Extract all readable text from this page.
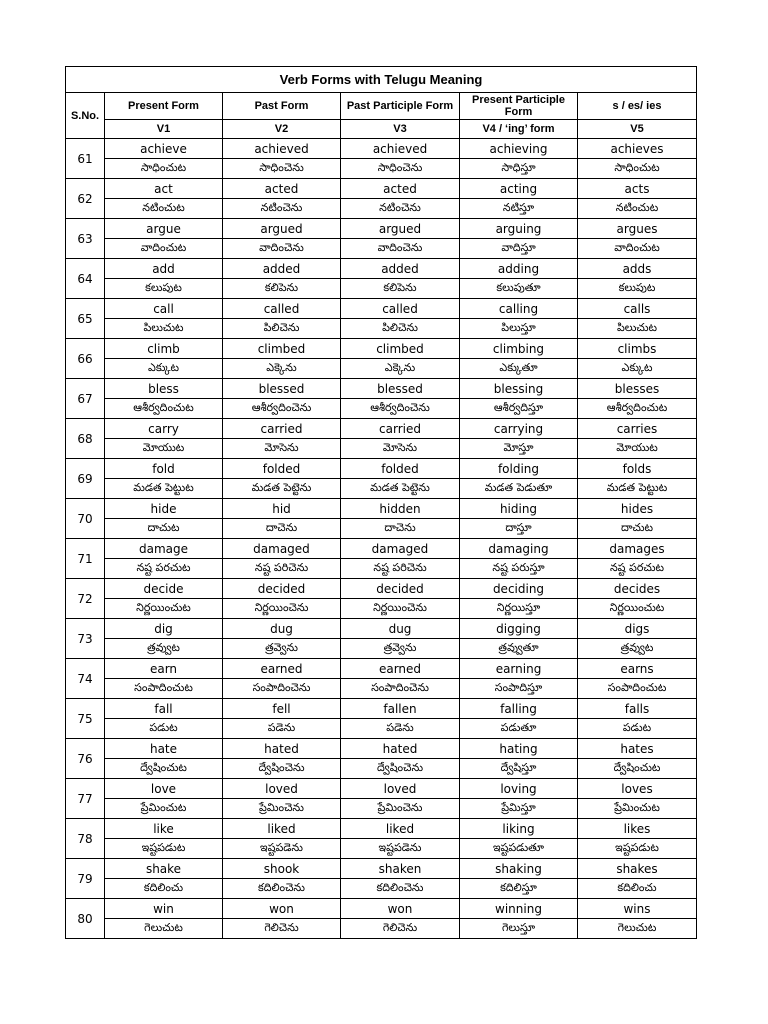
Verb Forms with Telugu Meaning					
S.No.	Present Form	Past Form	Past Participle Form	Present Participle Form	s / es/ ies
	V1	V2	V3	V4 / ‘ing’ form	V5
61	achieve	achieved	achieved	achieving	achieves
	సాధించుట	సాధించెను	సాధించెను	సాధిస్తూ	సాధించుట
62	act	acted	acted	acting	acts
	నటించుట	నటించెను	నటించెను	నటిస్తూ	నటించుట
63	argue	argued	argued	arguing	argues
	వాదించుట	వాదించెను	వాదించెను	వాదిస్తూ	వాదించుట
64	add	added	added	adding	adds
	కలుపుట	కలిపెను	కలిపెను	కలుపుతూ	కలుపుట
65	call	called	called	calling	calls
	పిలుచుట	పిలిచెను	పిలిచెను	పిలుస్తూ	పిలుచుట
66	climb	climbed	climbed	climbing	climbs
	ఎక్కుట	ఎక్కెను	ఎక్కెను	ఎక్కుతూ	ఎక్కుట
67	bless	blessed	blessed	blessing	blesses
	ఆశీర్వదించుట	ఆశీర్వదించెను	ఆశీర్వదించెను	ఆశీర్వదిస్తూ	ఆశీర్వదించుట
68	carry	carried	carried	carrying	carries
	మోయుట	మోసెను	మోసెను	మోస్తూ	మోయుట
69	fold	folded	folded	folding	folds
	మడత పెట్టుట	మడత పెట్టెను	మడత పెట్టెను	మడత పెడుతూ	మడత పెట్టుట
70	hide	hid	hidden	hiding	hides
	దాచుట	దాచెను	దాచెను	దాస్తూ	దాచుట
71	damage	damaged	damaged	damaging	damages
	నష్ట పరచుట	నష్ట పరిచెను	నష్ట పరిచెను	నష్ట పరుస్తూ	నష్ట పరచుట
72	decide	decided	decided	deciding	decides
	నిర్ణయించుట	నిర్ణయించెను	నిర్ణయించెను	నిర్ణయిస్తూ	నిర్ణయించుట
73	dig	dug	dug	digging	digs
	త్రవ్వుట	త్రవ్వెను	త్రవ్వెను	త్రవ్వుతూ	త్రవ్వుట
74	earn	earned	earned	earning	earns
	సంపాదించుట	సంపాదించెను	సంపాదించెను	సంపాదిస్తూ	సంపాదించుట
75	fall	fell	fallen	falling	falls
	పడుట	పడెను	పడెను	పడుతూ	పడుట
76	hate	hated	hated	hating	hates
	ద్వేషించుట	ద్వేషించెను	ద్వేషించెను	ద్వేషిస్తూ	ద్వేషించుట
77	love	loved	loved	loving	loves
	ప్రేమించుట	ప్రేమించెను	ప్రేమించెను	ప్రేమిస్తూ	ప్రేమించుట
78	like	liked	liked	liking	likes
	ఇష్టపడుట	ఇష్టపడెను	ఇష్టపడెను	ఇష్టపడుతూ	ఇష్టపడుట
79	shake	shook	shaken	shaking	shakes
	కదిలించు	కదిలించెను	కదిలించెను	కదిలిస్తూ	కదిలించు
80	win	won	won	winning	wins
	గెలుచుట	గెలిచెను	గెలిచెను	గెలుస్తూ	గెలుచుట
